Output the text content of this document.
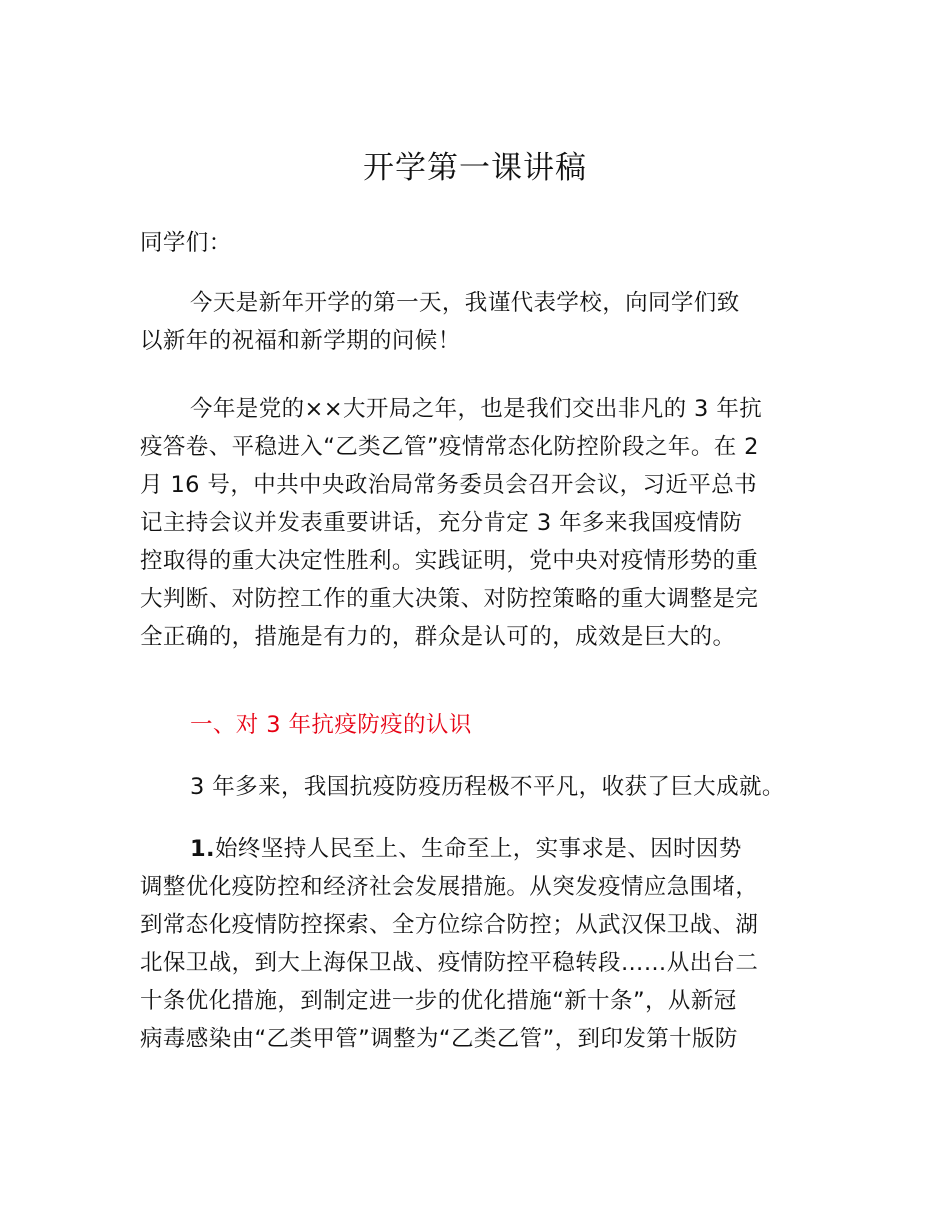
开学第一课讲稿
同学们：
今天是新年开学的第一天，我谨代表学校，向同学们致
以新年的祝福和新学期的问候！
今年是党的××大开局之年，也是我们交出非凡的 3 年抗
疫答卷、平稳进入“乙类乙管”疫情常态化防控阶段之年。在 2
月 16 号，中共中央政治局常务委员会召开会议，习近平总书
记主持会议并发表重要讲话，充分肯定 3 年多来我国疫情防
控取得的重大决定性胜利。实践证明，党中央对疫情形势的重
大判断、对防控工作的重大决策、对防控策略的重大调整是完
全正确的，措施是有力的，群众是认可的，成效是巨大的。
一、对 3 年抗疫防疫的认识
3 年多来，我国抗疫防疫历程极不平凡，收获了巨大成就。
1.始终坚持人民至上、生命至上，实事求是、因时因势
调整优化疫防控和经济社会发展措施。从突发疫情应急围堵，
到常态化疫情防控探索、全方位综合防控；从武汉保卫战、湖
北保卫战，到大上海保卫战、疫情防控平稳转段……从出台二
十条优化措施，到制定进一步的优化措施“新十条”，从新冠
病毒感染由“乙类甲管”调整为“乙类乙管”，到印发第十版防
